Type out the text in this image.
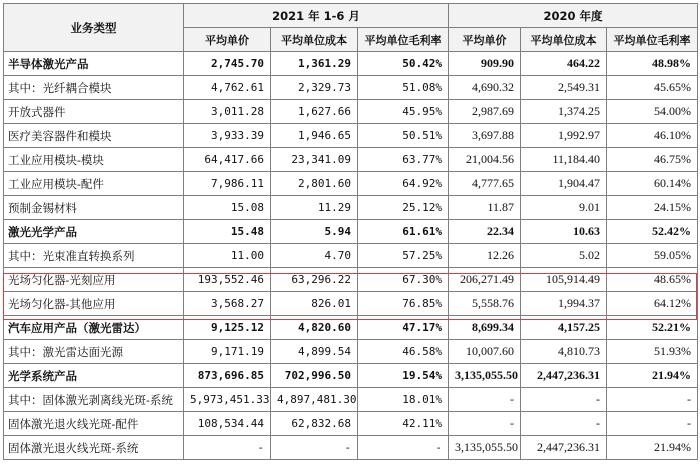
业务类型	2021 年 1-6 月			2020 年度		
	平均单价	平均单位成本	平均单位毛利率	平均单价	平均单位成本	平均单位毛利率
半导体激光产品	2,745.70	1,361.29	50.42%	909.90	464.22	48.98%
其中：光纤耦合模块	4,762.61	2,329.73	51.08%	4,690.32	2,549.31	45.65%
开放式器件	3,011.28	1,627.66	45.95%	2,987.69	1,374.25	54.00%
医疗美容器件和模块	3,933.39	1,946.65	50.51%	3,697.88	1,992.97	46.10%
工业应用模块-模块	64,417.66	23,341.09	63.77%	21,004.56	11,184.40	46.75%
工业应用模块-配件	7,986.11	2,801.60	64.92%	4,777.65	1,904.47	60.14%
预制金锡材料	15.08	11.29	25.12%	11.87	9.01	24.15%
激光光学产品	15.48	5.94	61.61%	22.34	10.63	52.42%
其中：光束准直转换系列	11.00	4.70	57.25%	12.26	5.02	59.05%
光场匀化器-光刻应用	193,552.46	63,296.22	67.30%	206,271.49	105,914.49	48.65%
光场匀化器-其他应用	3,568.27	826.01	76.85%	5,558.76	1,994.37	64.12%
汽车应用产品（激光雷达）	9,125.12	4,820.60	47.17%	8,699.34	4,157.25	52.21%
其中：激光雷达面光源	9,171.19	4,899.54	46.58%	10,007.60	4,810.73	51.93%
光学系统产品	873,696.85	702,996.50	19.54%	3,135,055.50	2,447,236.31	21.94%
其中：固体激光剥离线光斑-系统	5,973,451.33	4,897,481.30	18.01%	-	-	-
固体激光退火线光斑-配件	108,534.44	62,832.68	42.11%	-	-	-
固体激光退火线光斑-系统	-	-	-	3,135,055.50	2,447,236.31	21.94%
